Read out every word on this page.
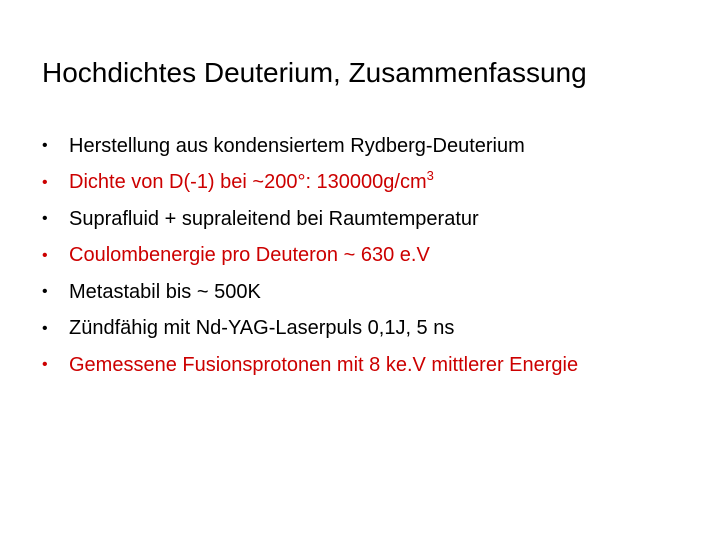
Hochdichtes Deuterium, Zusammenfassung
•	Herstellung aus kondensiertem Rydberg-Deuterium
•	Dichte von D(-1) bei ~200°: $130000g/cm^3$
•	Suprafluid + supraleitend bei Raumtemperatur
•	Coulombenergie pro Deuteron ~ 630 e.V
•	Metastabil bis ~ 500K
•	Zündfähig mit Nd-YAG-Laserpuls 0,1J, 5 ns
•	Gemessene Fusionsprotonen mit 8 ke.V mittlerer Energie
